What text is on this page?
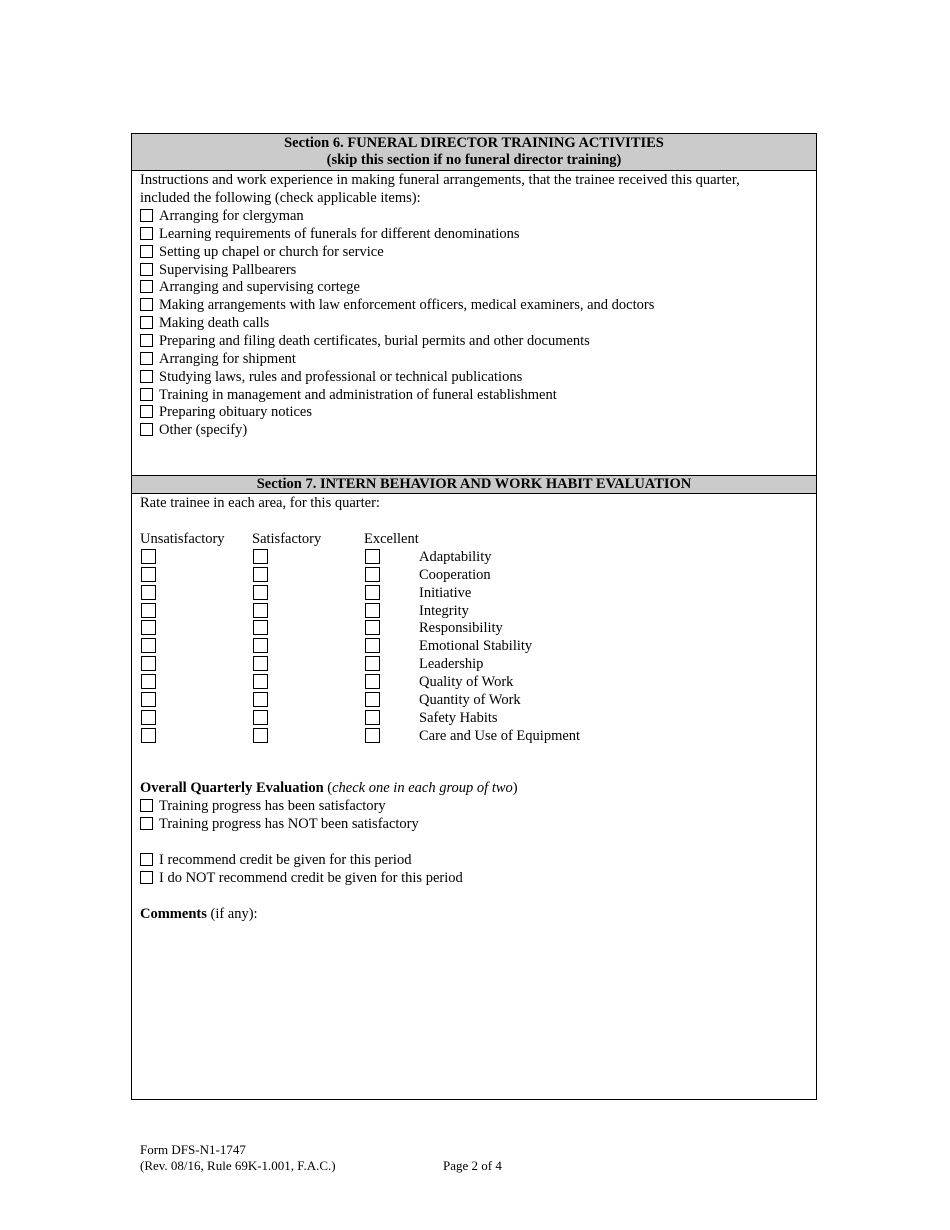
Section 6. FUNERAL DIRECTOR TRAINING ACTIVITIES
(skip this section if no funeral director training)
Instructions and work experience in making funeral arrangements, that the trainee received this quarter,
included the following (check applicable items):
Arranging for clergyman
Learning requirements of funerals for different denominations
Setting up chapel or church for service
Supervising Pallbearers
Arranging and supervising cortege
Making arrangements with law enforcement officers, medical examiners, and doctors
Making death calls
Preparing and filing death certificates, burial permits and other documents
Arranging for shipment
Studying laws, rules and professional or technical publications
Training in management and administration of funeral establishment
Preparing obituary notices
Other (specify)
Section 7. INTERN BEHAVIOR AND WORK HABIT EVALUATION
Rate trainee in each area, for this quarter:
Unsatisfactory Satisfactory	Excellent
Adaptability
Cooperation
Initiative
Integrity
Responsibility
Emotional Stability
Leadership
Quality of Work
Quantity of Work
Safety Habits
Care and Use of Equipment
Overall Quarterly Evaluation (check one in each group of two)
Training progress has been satisfactory
Training progress has NOT been satisfactory
I recommend credit be given for this period
I do NOT recommend credit be given for this period
Comments (if any):
Form DFS-N1-1747
(Rev. 08/16, Rule 69K-1.001, F.A.C.)	Page 2 of 4
